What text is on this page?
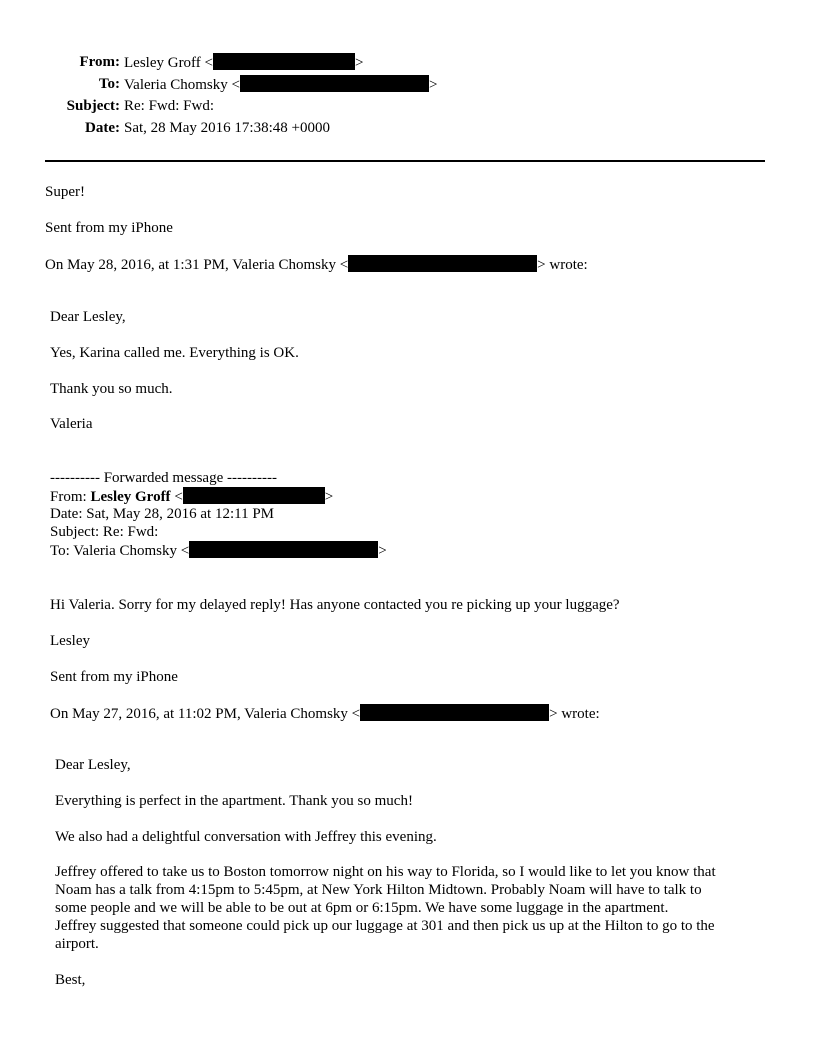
From: Lesley Groff <	>
To: Valeria Chomsky <	>
Subject: Re: Fwd: Fwd:
Date: Sat, 28 May 2016 17:38:48 +0000
Super!
Sent from my iPhone
On May 28, 2016, at 1:31 PM, Valeria Chomsky <	> wrote:
Dear Lesley,
Yes, Karina called me. Everything is OK.
Thank you so much.
Valeria
---------- Forwarded message ----------
From: Lesley Groff <	>
Date: Sat, May 28, 2016 at 12:11 PM
Subject: Re: Fwd:
To: Valeria Chomsky <	>
Hi Valeria. Sorry for my delayed reply! Has anyone contacted you re picking up your luggage?
Lesley
Sent from my iPhone
On May 27, 2016, at 11:02 PM, Valeria Chomsky <	> wrote:
Dear Lesley,
Everything is perfect in the apartment. Thank you so much!
We also had a delightful conversation with Jeffrey this evening.
Jeffrey offered to take us to Boston tomorrow night on his way to Florida, so I would like to let you know that
Noam has a talk from 4:15pm to 5:45pm, at New York Hilton Midtown. Probably Noam will have to talk to
some people and we will be able to be out at 6pm or 6:15pm. We have some luggage in the apartment.
Jeffrey suggested that someone could pick up our luggage at 301 and then pick us up at the Hilton to go to the
airport.
Best,
